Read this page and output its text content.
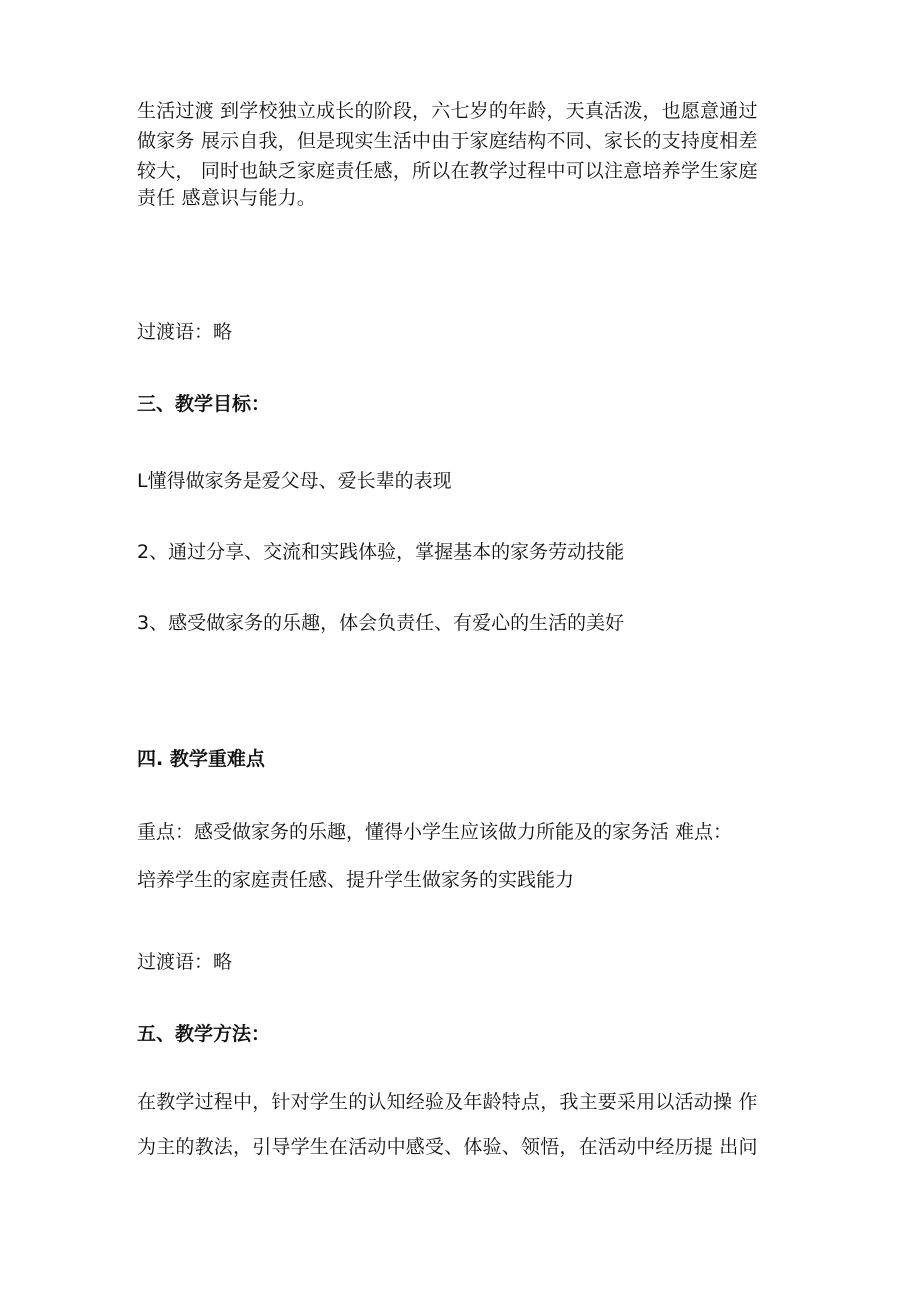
生活过渡 到学校独立成长的阶段，六七岁的年龄，天真活泼，也愿意通过
做家务 展示自我，但是现实生活中由于家庭结构不同、家长的支持度相差
较大， 同时也缺乏家庭责任感，所以在教学过程中可以注意培养学生家庭
责任 感意识与能力。
过渡语：略
三、教学目标：
L懂得做家务是爱父母、爱长辈的表现
2、通过分享、交流和实践体验，掌握基本的家务劳动技能
3、感受做家务的乐趣，体会负责任、有爱心的生活的美好
四. 教学重难点
重点：感受做家务的乐趣，懂得小学生应该做力所能及的家务活 难点：
培养学生的家庭责任感、提升学生做家务的实践能力
过渡语：略
五、教学方法：
在教学过程中，针对学生的认知经验及年龄特点，我主要采用以活动操 作
为主的教法，引导学生在活动中感受、体验、领悟，在活动中经历提 出问
